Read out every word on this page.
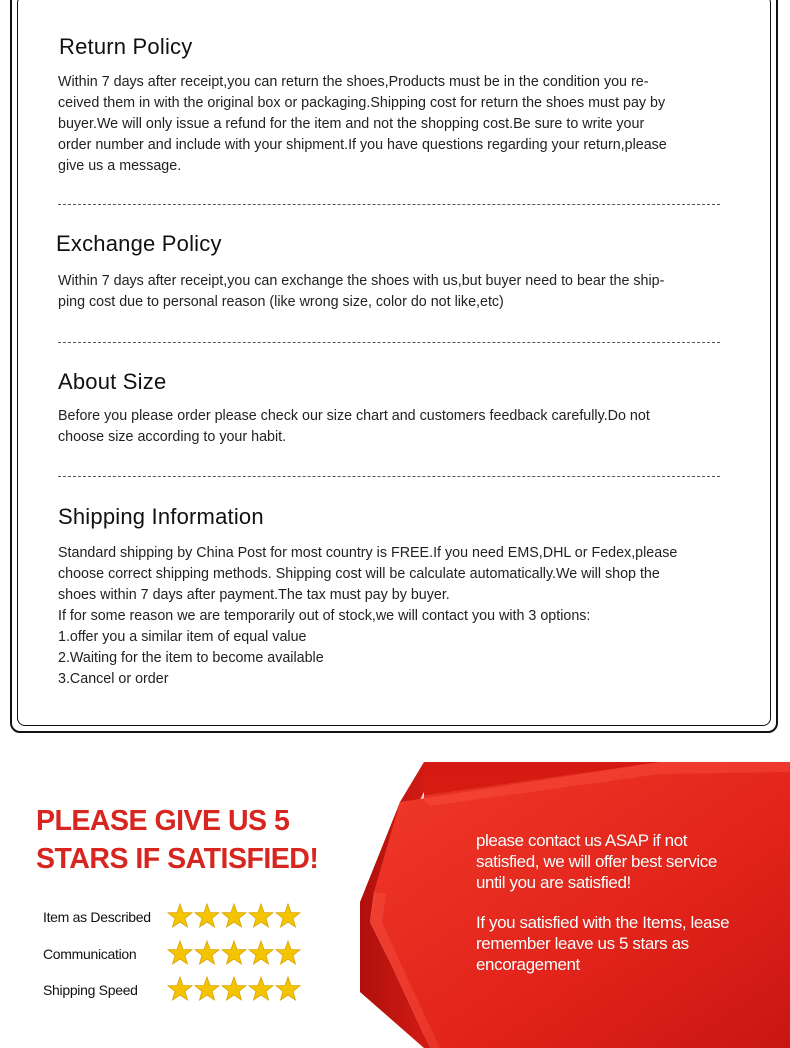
Return Policy

Within 7 days after receipt,you can return the shoes,Products must be in the condition you re-
ceived them in with the original box or packaging.Shipping cost for return the shoes must pay by
buyer.We will only issue a refund for the item and not the shopping cost.Be sure to write your
order number and include with your shipment.If you have questions regarding your return,please
give us a message.

Exchange Policy

Within 7 days after receipt,you can exchange the shoes with us,but buyer need to bear the ship-
ping cost due to personal reason (like wrong size, color do not like,etc)

About Size

Before you please order please check our size chart and customers feedback carefully.Do not
choose size according to your habit.

Shipping Information

Standard shipping by China Post for most country is FREE.If you need EMS,DHL or Fedex,please
choose correct shipping methods. Shipping cost will be calculate automatically.We will shop the
shoes within 7 days after payment.The tax must pay by buyer.
If for some reason we are temporarily out of stock,we will contact you with 3 options:
1.offer you a similar item of equal value
2.Waiting for the item to become available
3.Cancel or order

PLEASE GIVE US 5
STARS IF SATISFIED!
Item as Described
Communication
Shipping Speed

please contact us ASAP if not
satisfied, we will offer best service
until you are satisfied!

If you satisfied with the Items, lease
remember leave us 5 stars as
encoragement
